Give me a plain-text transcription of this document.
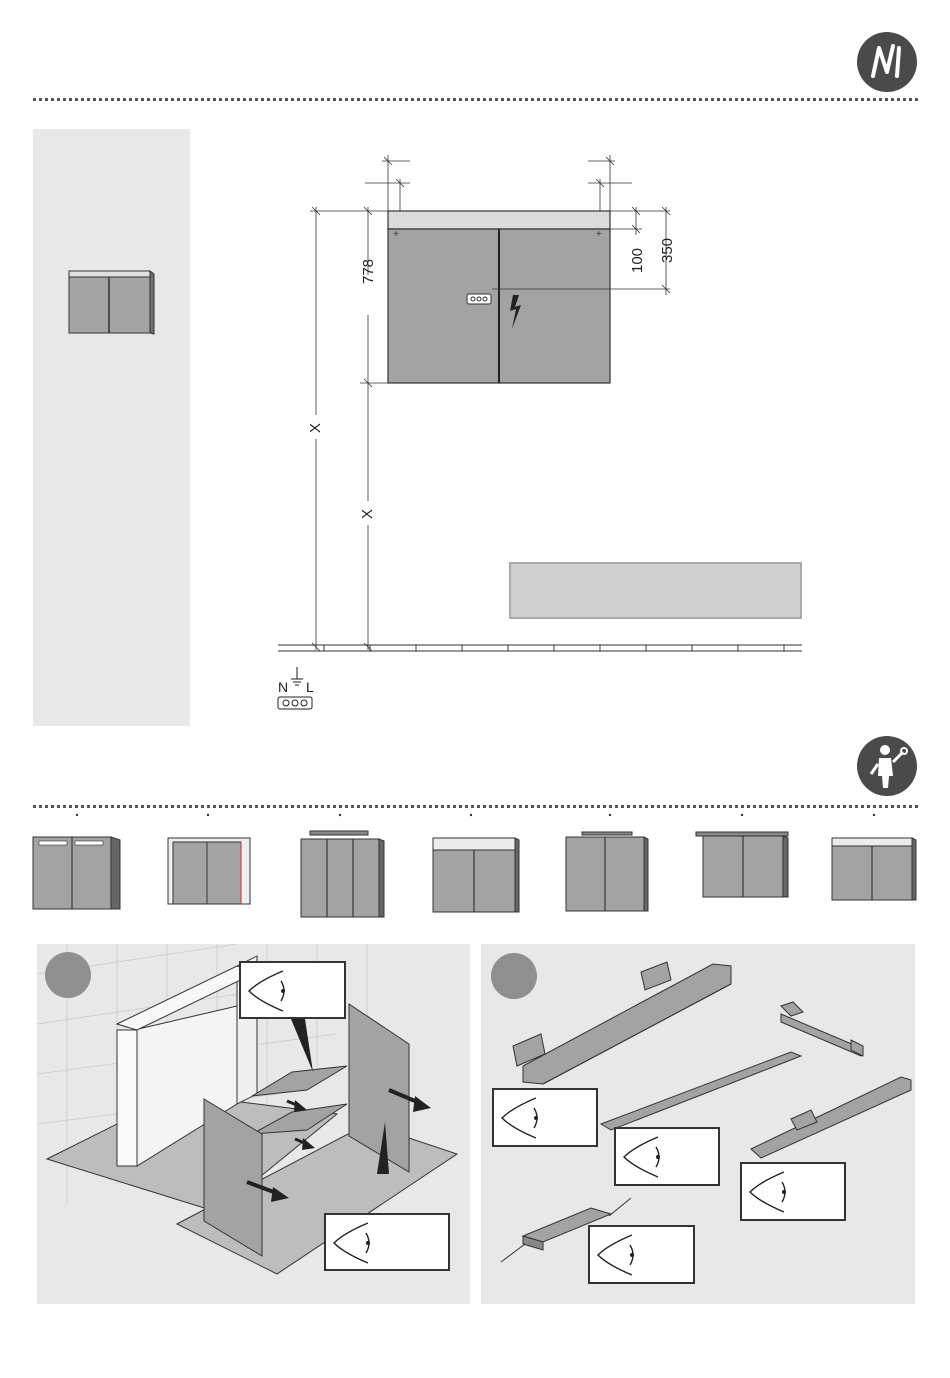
+	+
778	100 350
X
X
N L
